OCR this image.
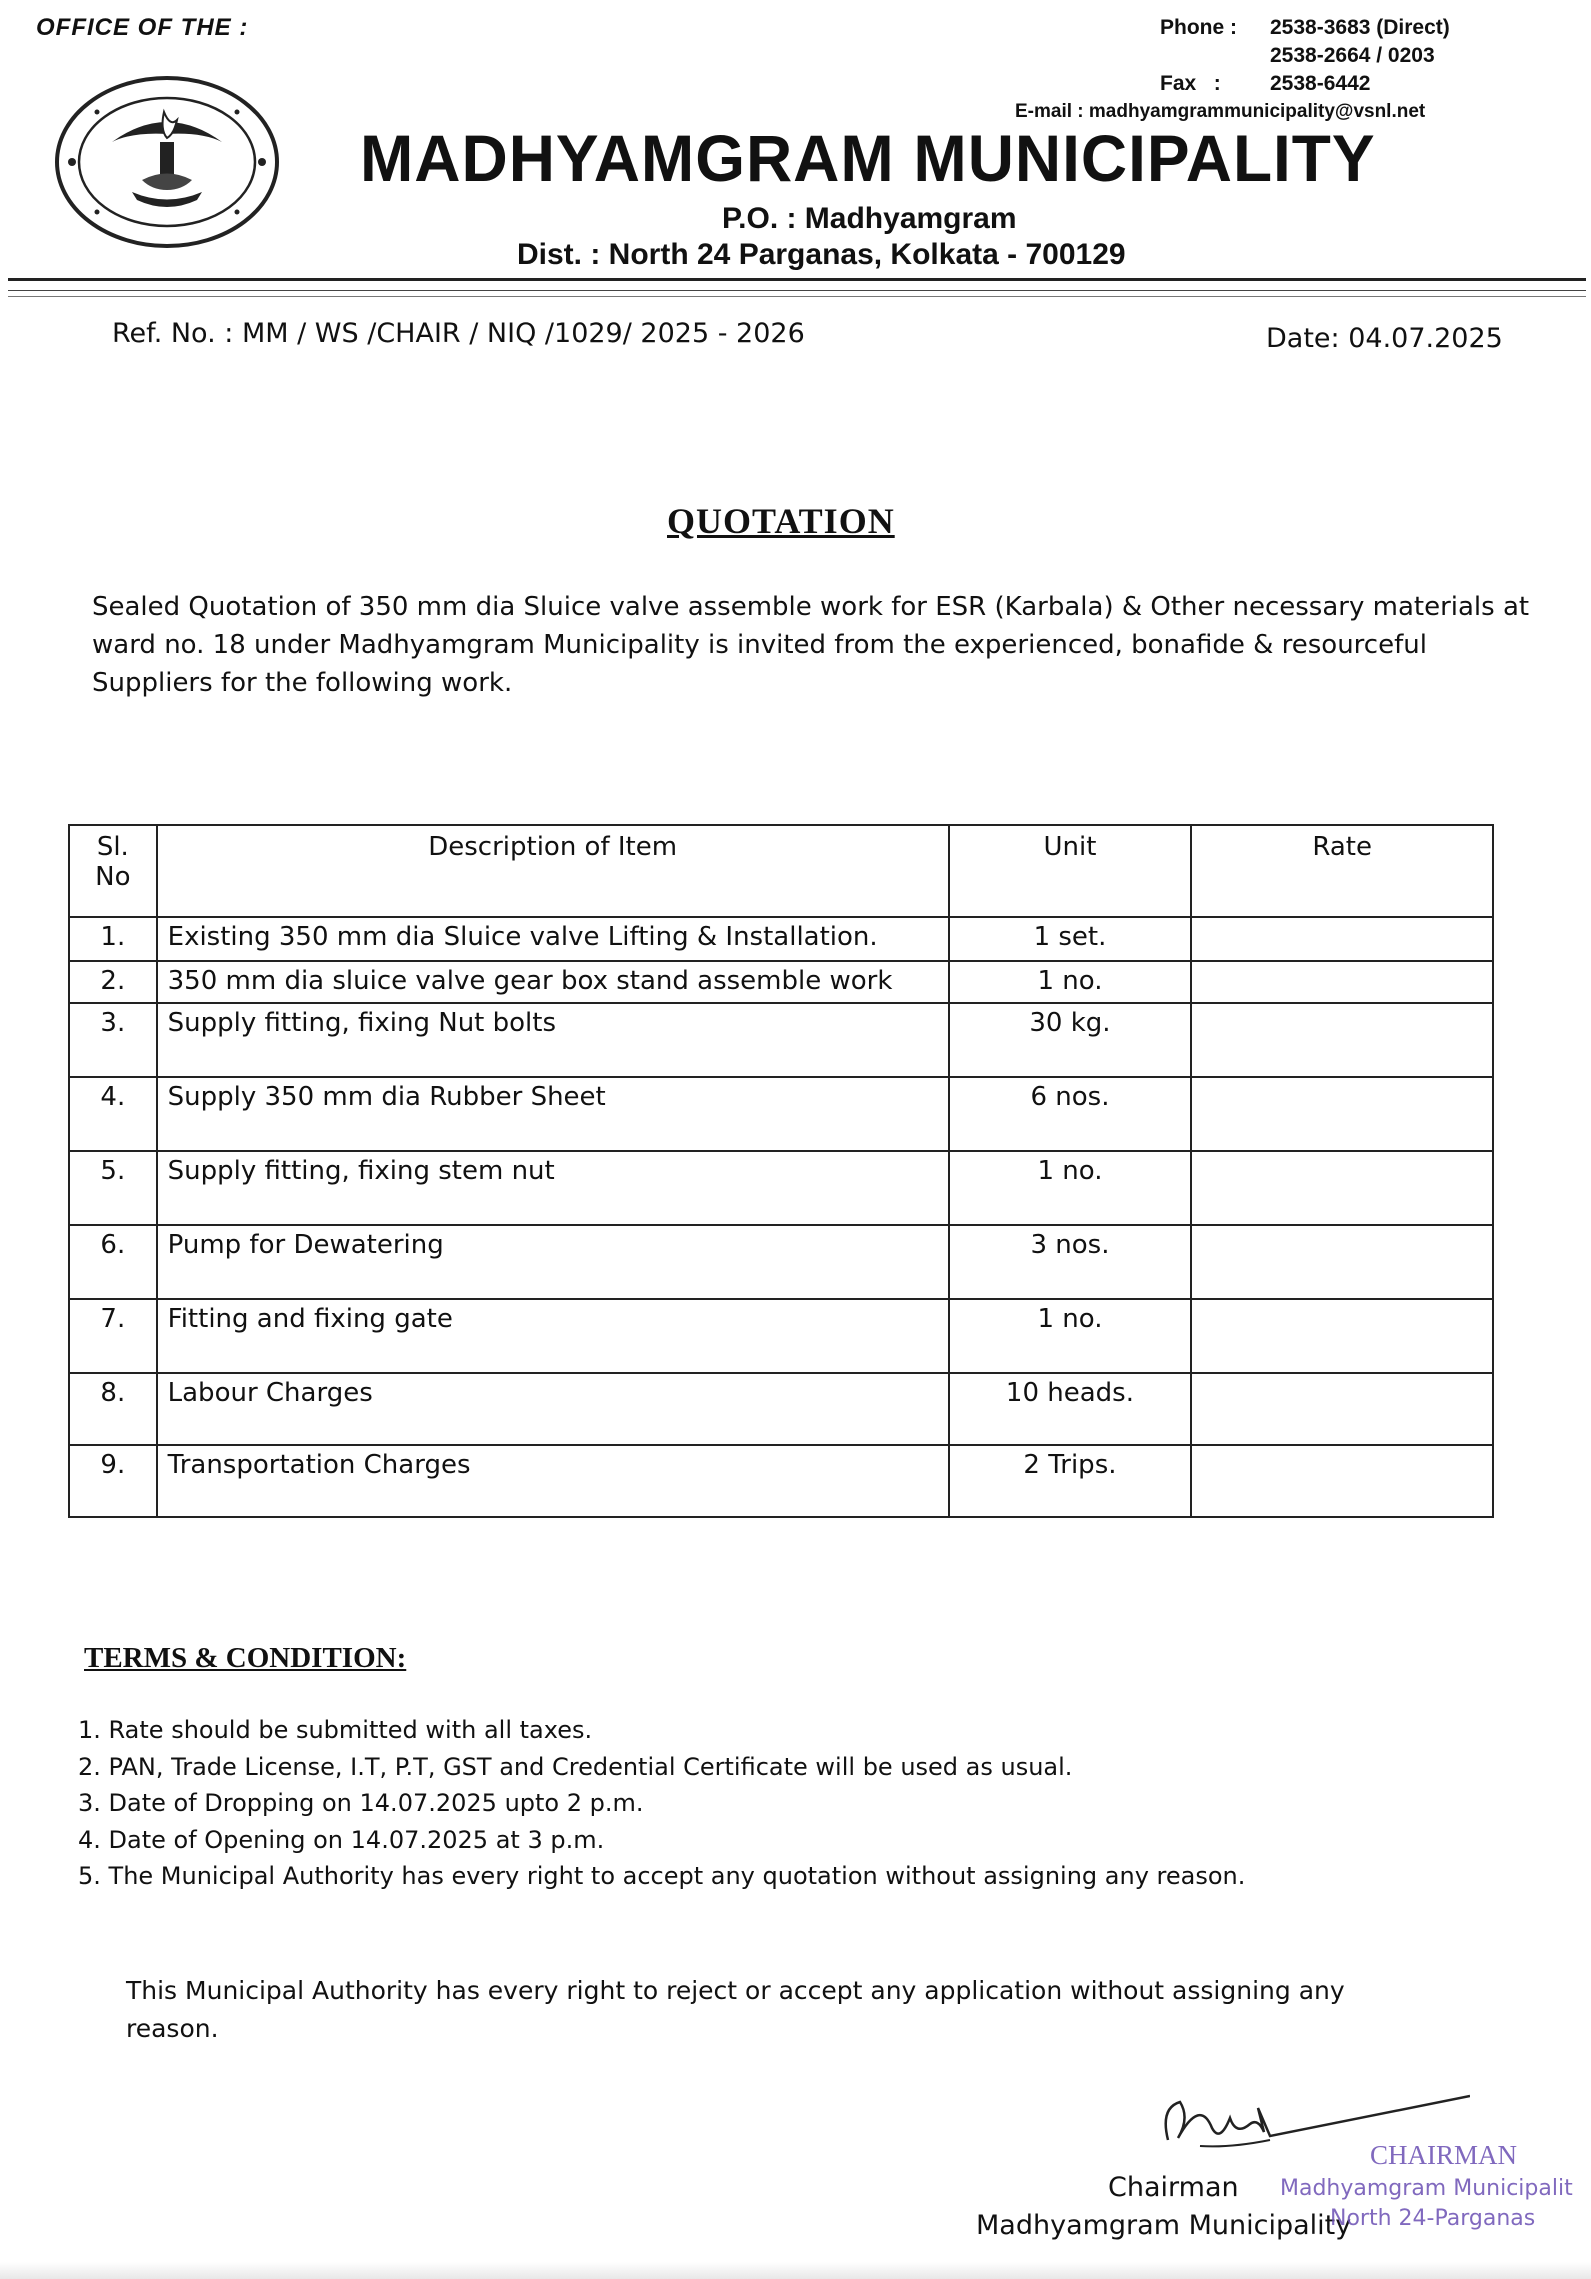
OFFICE OF THE :	Phone :	2538-3683 (Direct)
2538-2664 / 0203
Fax   :	2538-6442
E-mail : madhyamgrammunicipality@vsnl.net
MADHYAMGRAM MUNICIPALITY
P.O. : Madhyamgram
Dist. : North 24 Parganas, Kolkata - 700129
Ref. No. : MM / WS /CHAIR / NIQ /1029/ 2025 - 2026	Date: 04.07.2025
QUOTATION
Sealed Quotation of 350 mm dia Sluice valve assemble work for ESR (Karbala) & Other necessary materials at ward no. 18 under Madhyamgram Municipality is invited from the experienced, bonafide & resourceful Suppliers for the following work.
Sl. No	Description of Item	Unit	Rate
1.	Existing 350 mm dia Sluice valve Lifting & Installation.	1 set.	
2.	350 mm dia sluice valve gear box stand assemble work	1 no.	
3.	Supply fitting, fixing Nut bolts	30 kg.	
4.	Supply 350 mm dia Rubber Sheet	6 nos.	
5.	Supply fitting, fixing stem nut	1 no.	
6.	Pump for Dewatering	3 nos.	
7.	Fitting and fixing gate	1 no.	
8.	Labour Charges	10 heads.	
9.	Transportation Charges	2 Trips.	
TERMS & CONDITION:
1. Rate should be submitted with all taxes.
2. PAN, Trade License, I.T, P.T, GST and Credential Certificate will be used as usual.
3. Date of Dropping on 14.07.2025 upto 2 p.m.
4. Date of Opening on 14.07.2025 at 3 p.m.
5. The Municipal Authority has every right to accept any quotation without assigning any reason.
This Municipal Authority has every right to reject or accept any application without assigning any reason.
Chairman
Madhyamgram Municipality
CHAIRMAN
Madhyamgram Municipalit
North 24-Parganas
